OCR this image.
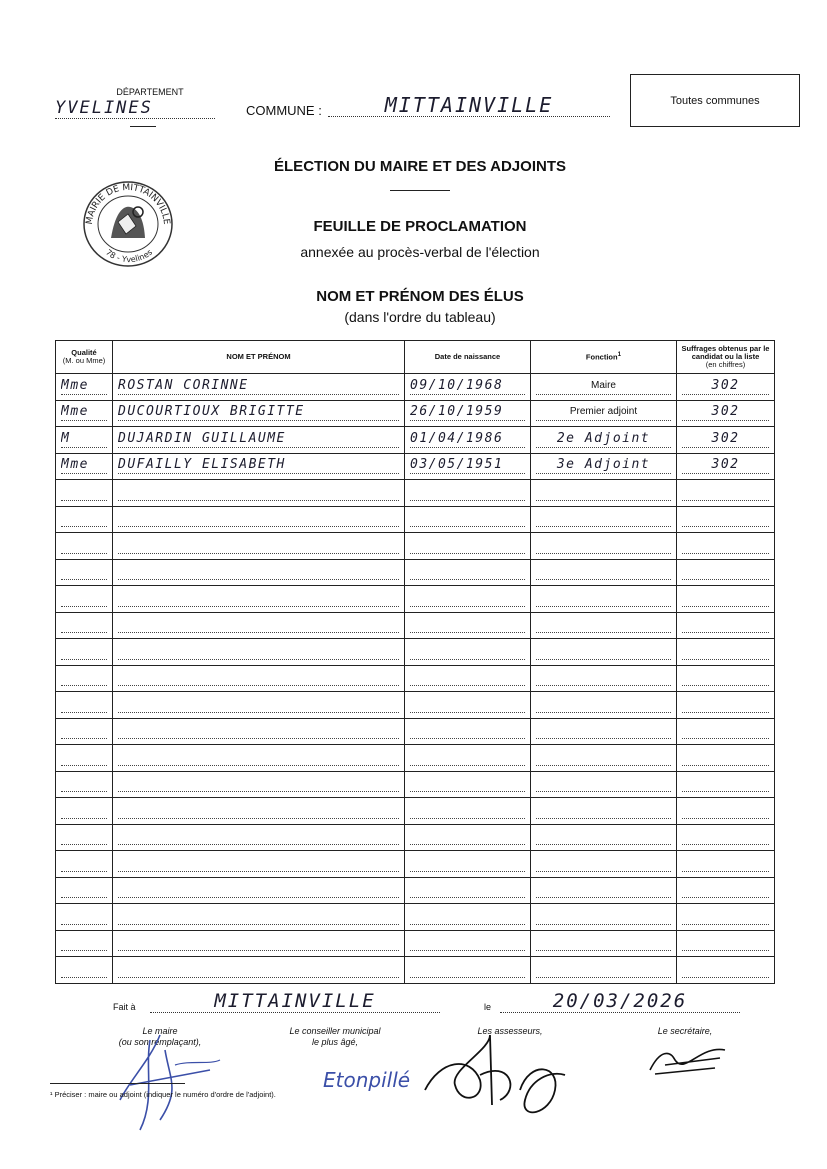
DÉPARTEMENT
YVELINES	COMMUNE :	MITTAINVILLE	Toutes communes
MAIRIE DE MITTAINVILLE
78 - Yvelines
ÉLECTION DU MAIRE ET DES ADJOINTS
FEUILLE DE PROCLAMATION
annexée au procès-verbal de l'élection
NOM ET PRÉNOM DES ÉLUS
(dans l'ordre du tableau)
Qualité
(M. ou Mme)	NOM ET PRÉNOM	Date de naissance	Fonction$^1$	Suffrages obtenus par le candidat ou la liste
(en chiffres)

Mme	ROSTAN CORINNE	09/10/1968	Maire	302

Mme	DUCOURTIOUX BRIGITTE	26/10/1959	Premier adjoint	302

M	DUJARDIN GUILLAUME	01/04/1986	2e Adjoint	302

Mme	DUFAILLY ELISABETH	03/05/1951	3e Adjoint	302

Fait à	MITTAINVILLE	le	20/03/2026
Le maire
(ou son remplaçant),
Le conseiller municipal
le plus âgé,
Les assesseurs,	Le secrétaire,
Etonpillé
¹ Préciser : maire ou adjoint (indiquer le numéro d'ordre de l'adjoint).
